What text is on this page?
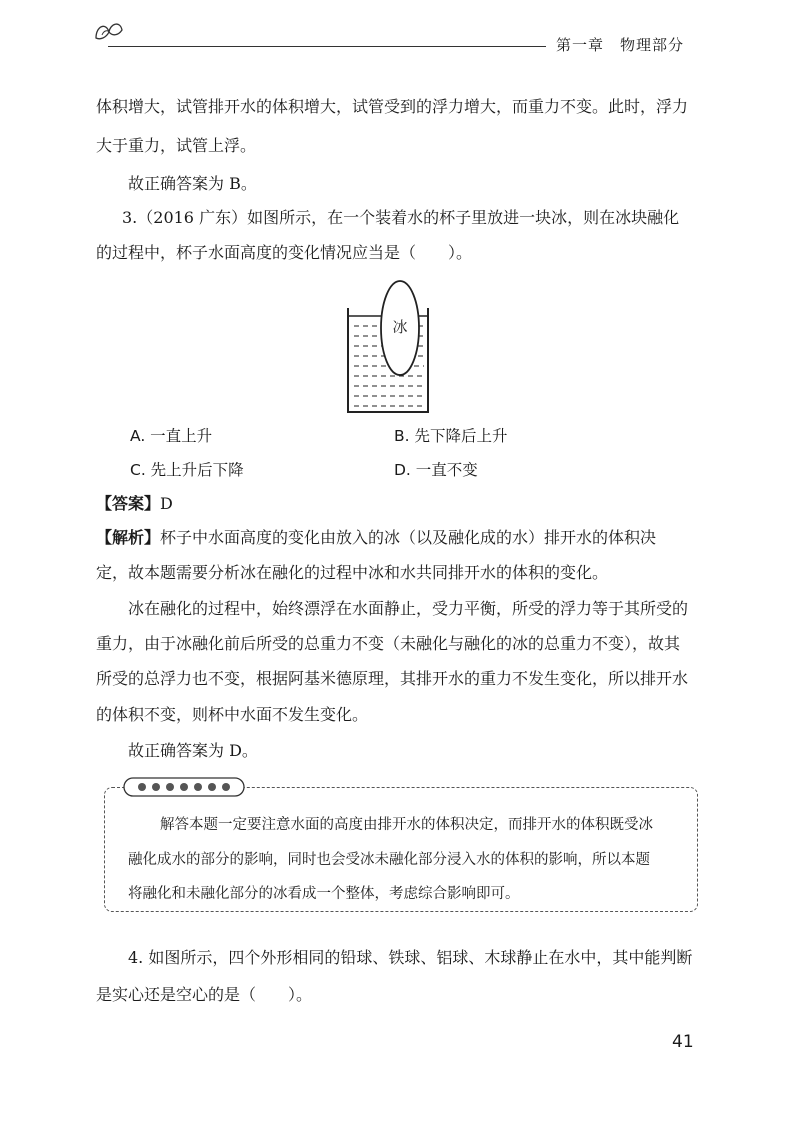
第一章　物理部分
体积增大，试管排开水的体积增大，试管受到的浮力增大，而重力不变。此时，浮力
大于重力，试管上浮。
故正确答案为 B。
3.（2016 广东）如图所示，在一个装着水的杯子里放进一块冰，则在冰块融化
的过程中，杯子水面高度的变化情况应当是（　　）。
冰
A. 一直上升	B. 先下降后上升
C. 先上升后下降	D. 一直不变
【答案】D
【解析】杯子中水面高度的变化由放入的冰（以及融化成的水）排开水的体积决
定，故本题需要分析冰在融化的过程中冰和水共同排开水的体积的变化。
冰在融化的过程中，始终漂浮在水面静止，受力平衡，所受的浮力等于其所受的
重力，由于冰融化前后所受的总重力不变（未融化与融化的冰的总重力不变），故其
所受的总浮力也不变，根据阿基米德原理，其排开水的重力不发生变化，所以排开水
的体积不变，则杯中水面不发生变化。
故正确答案为 D。
解答本题一定要注意水面的高度由排开水的体积决定，而排开水的体积既受冰
融化成水的部分的影响，同时也会受冰未融化部分浸入水的体积的影响，所以本题
将融化和未融化部分的冰看成一个整体，考虑综合影响即可。
4. 如图所示，四个外形相同的铅球、铁球、铝球、木球静止在水中，其中能判断
是实心还是空心的是（　　）。
41
